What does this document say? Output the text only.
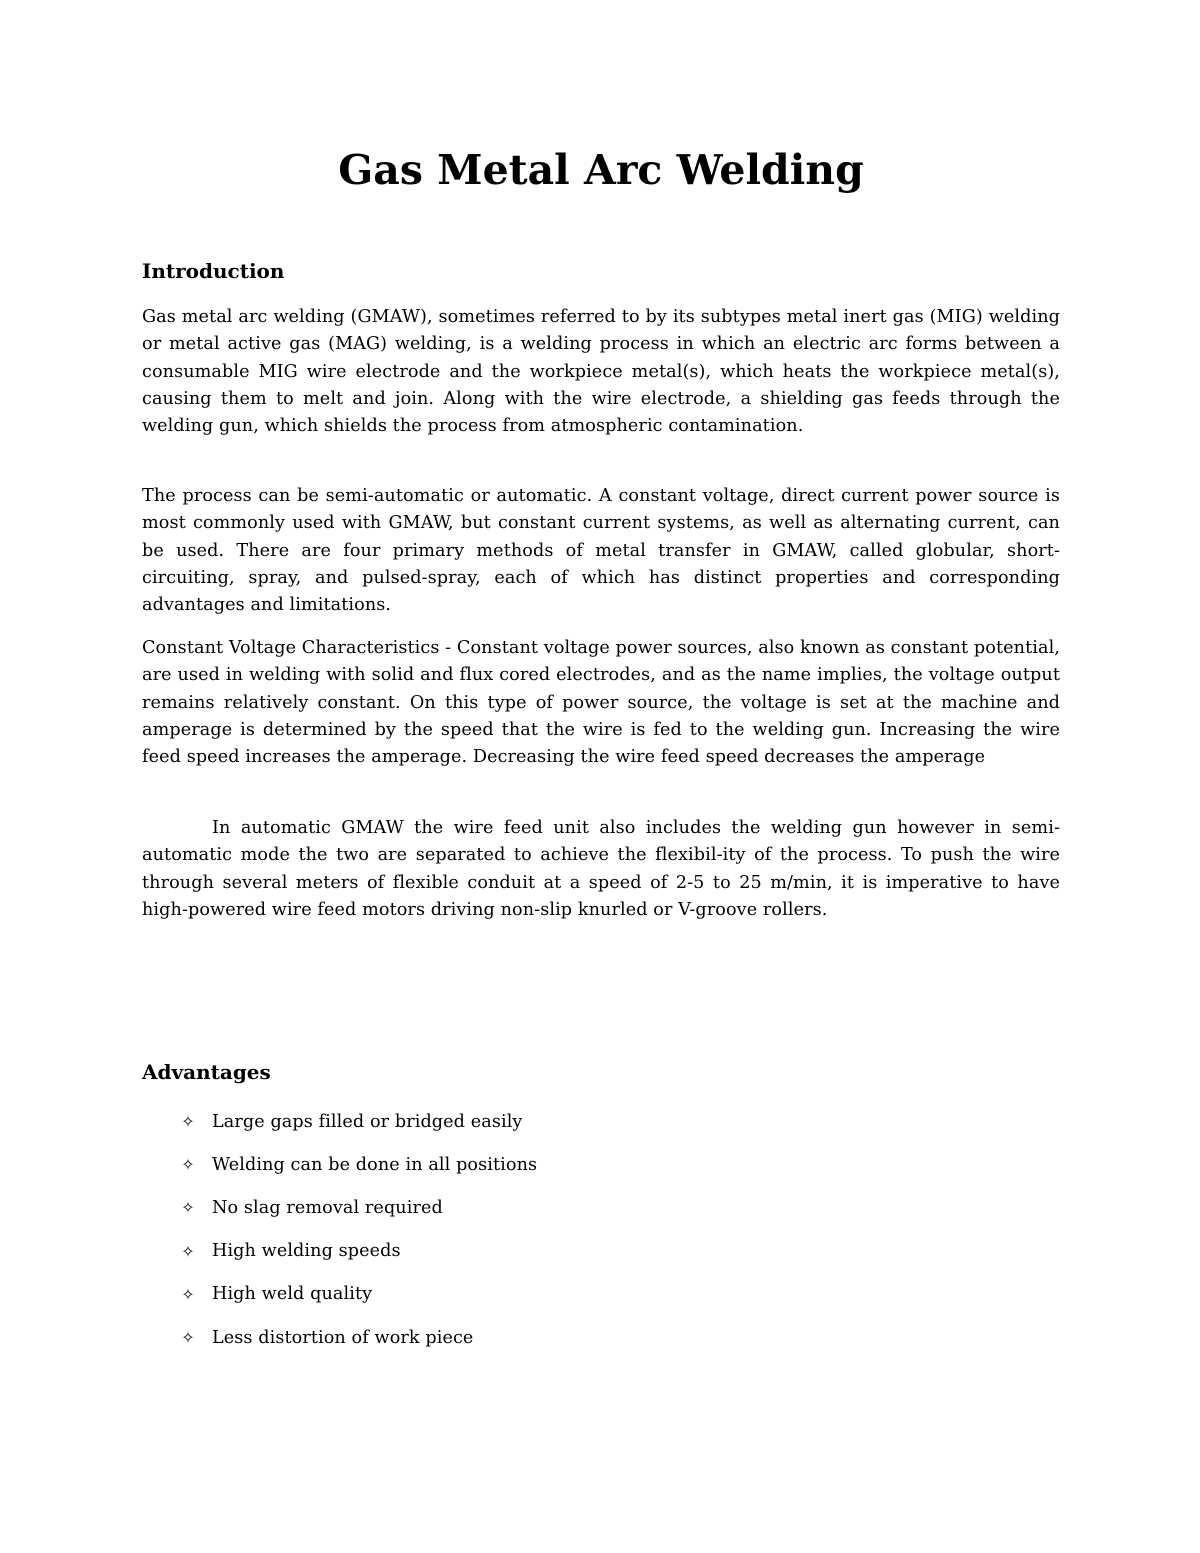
Gas Metal Arc Welding
Introduction

Gas metal arc welding (GMAW), sometimes referred to by its subtypes metal inert gas (MIG) welding or metal active gas (MAG) welding, is a welding process in which an electric arc forms between a consumable MIG wire electrode and the workpiece metal(s), which heats the workpiece metal(s), causing them to melt and join. Along with the wire electrode, a shielding gas feeds through the welding gun, which shields the process from atmospheric contamination.

The process can be semi-automatic or automatic. A constant voltage, direct current power source is most commonly used with GMAW, but constant current systems, as well as alternating current, can be used. There are four primary methods of metal transfer in GMAW, called globular, short-circuiting, spray, and pulsed-spray, each of which has distinct properties and corresponding advantages and limitations.

Constant Voltage Characteristics - Constant voltage power sources, also known as constant potential, are used in welding with solid and flux cored electrodes, and as the name implies, the voltage output remains relatively constant. On this type of power source, the voltage is set at the machine and amperage is determined by the speed that the wire is fed to the welding gun. Increasing the wire feed speed increases the amperage. Decreasing the wire feed speed decreases the amperage

In automatic GMAW the wire feed unit also includes the welding gun however in semi-automatic mode the two are separated to achieve the flexibil-ity of the process. To push the wire through several meters of flexible conduit at a speed of 2-5 to 25 m/min, it is imperative to have high-powered wire feed motors driving non-slip knurled or V-groove rollers.

Advantages
✧ Large gaps filled or bridged easily
✧ Welding can be done in all positions
✧ No slag removal required
✧ High welding speeds
✧ High weld quality
✧ Less distortion of work piece
